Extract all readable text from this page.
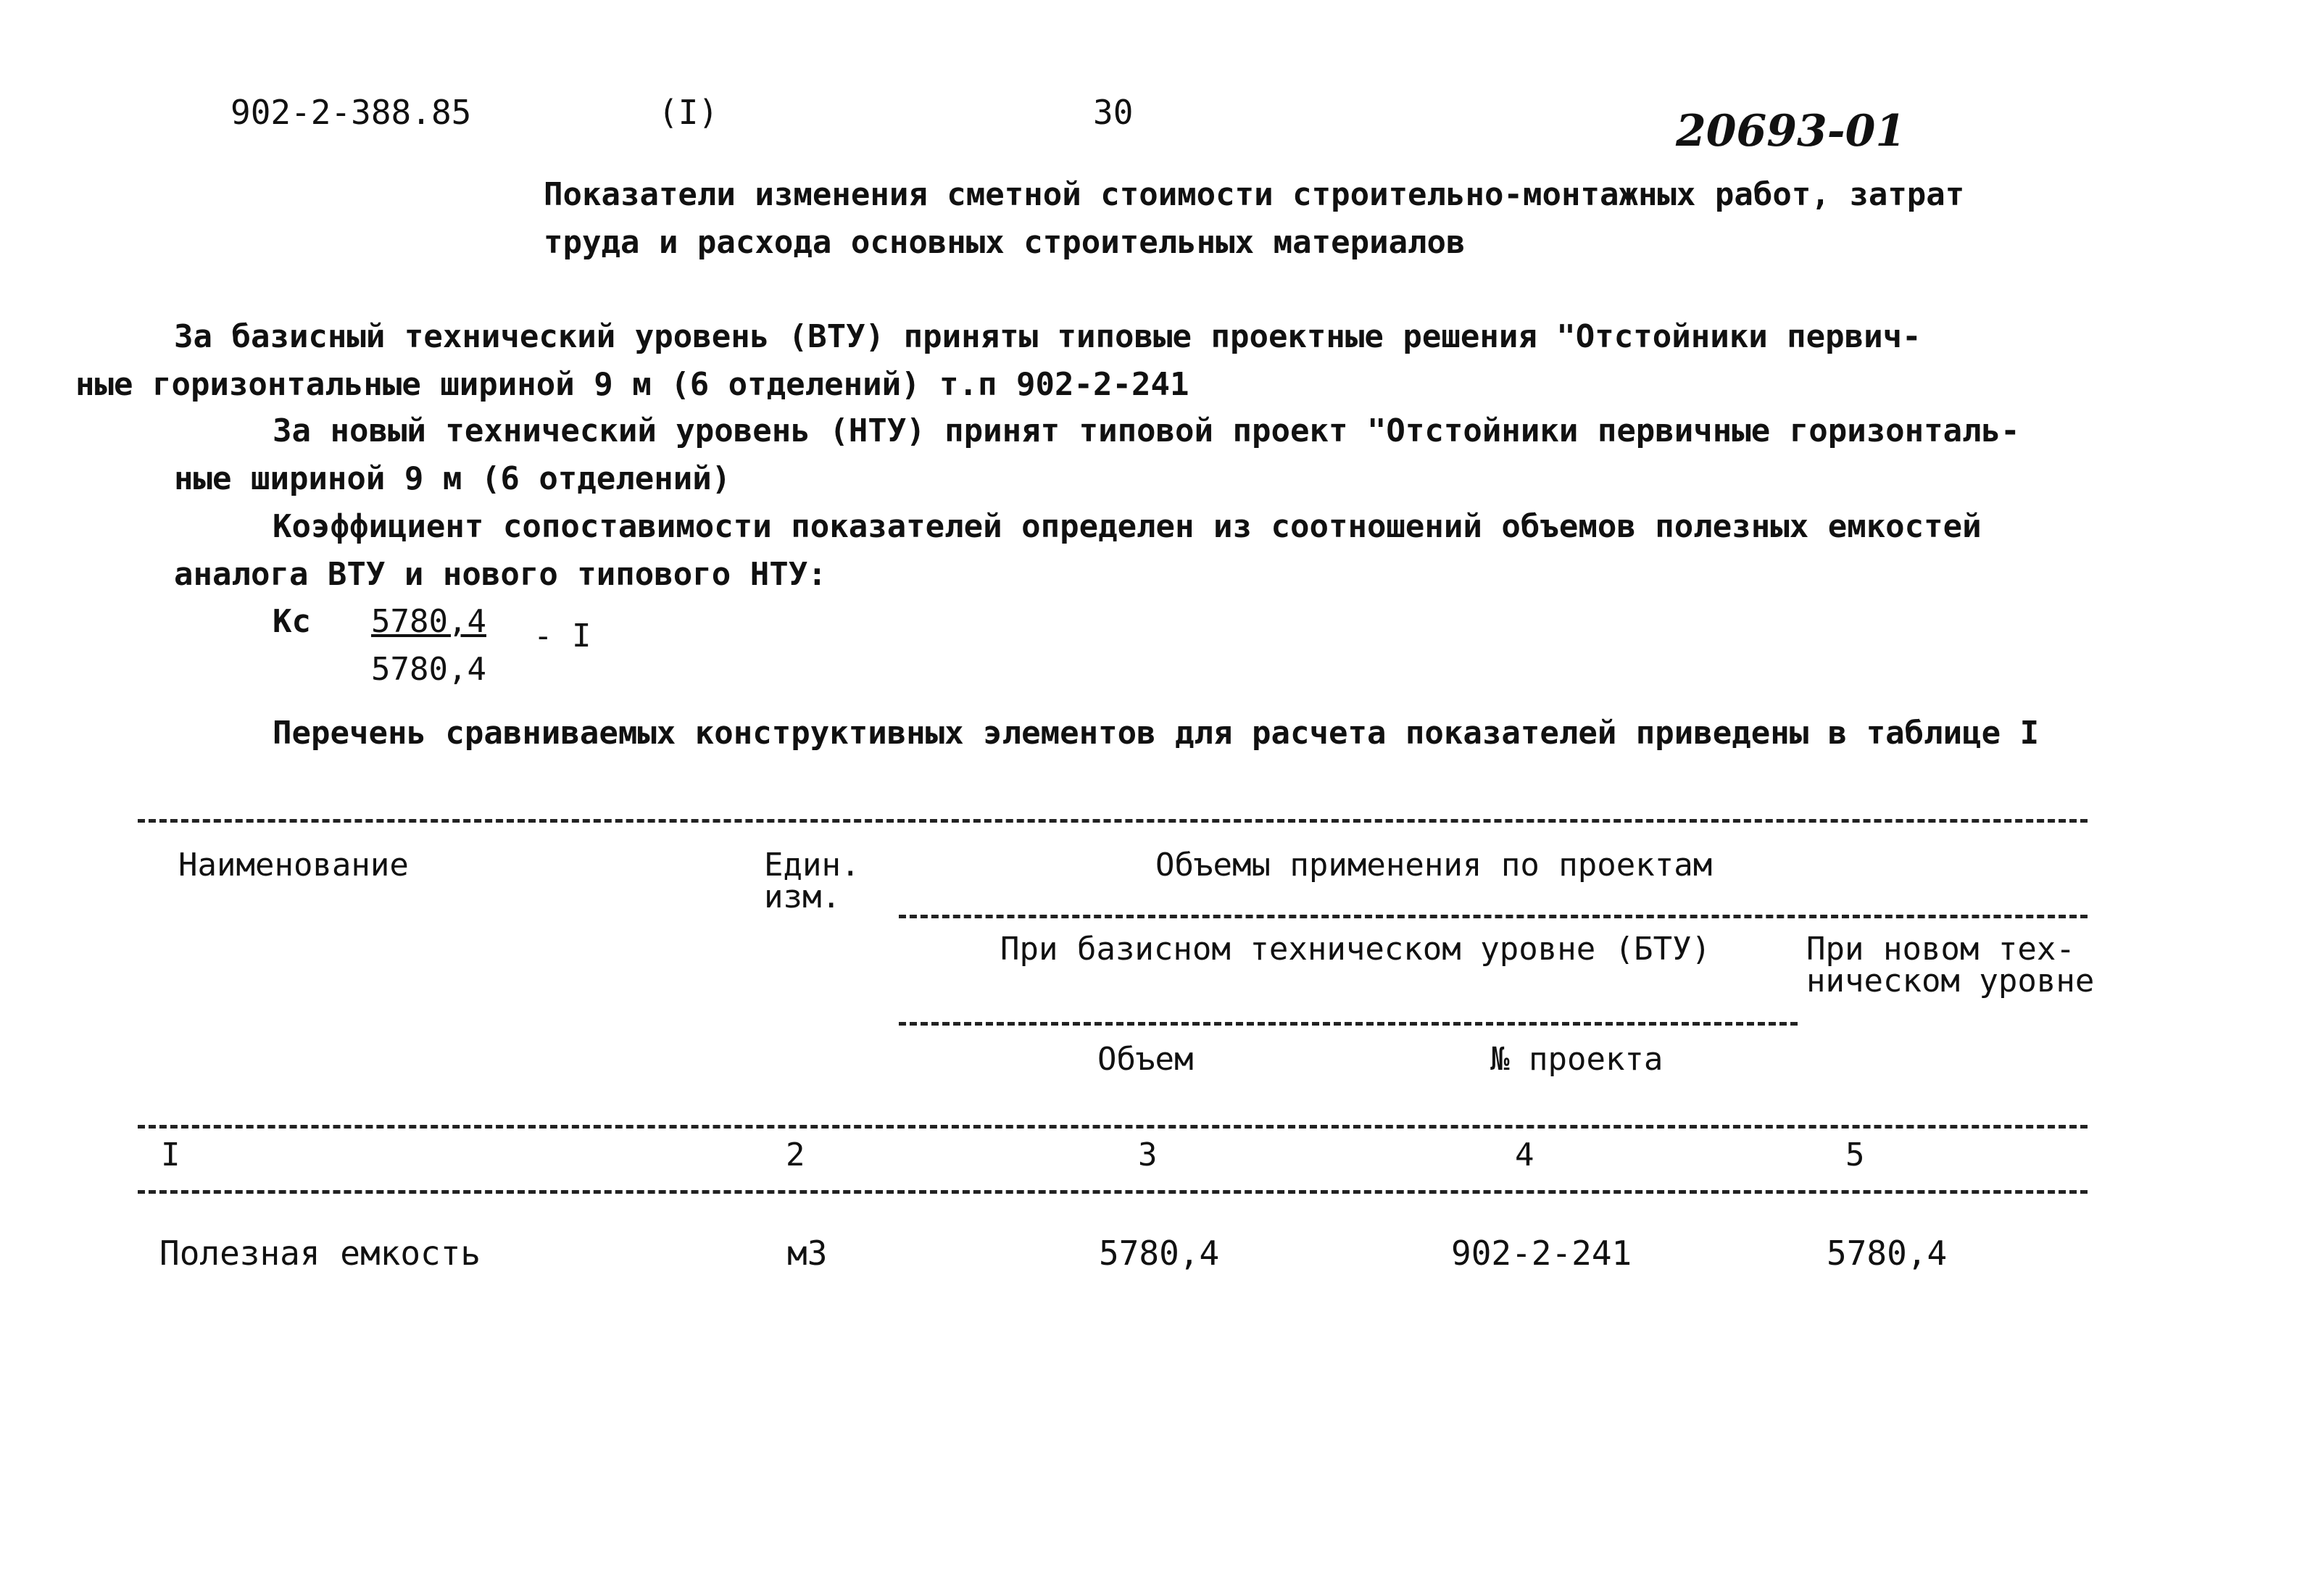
902-2-388.85	(I)	30	20693-01
Показатели изменения сметной стоимости строительно-монтажных работ, затрат
труда и расхода основных строительных материалов
За базисный технический уровень (ВТУ) приняты типовые проектные решения "Отстойники первич-
ные горизонтальные шириной 9 м (6 отделений) т.п 902-2-241
За новый технический уровень (НТУ) принят типовой проект "Отстойники первичные горизонталь-
ные шириной 9 м (6 отделений)
Коэффициент сопоставимости показателей определен из соотношений объемов полезных емкостей
аналога ВТУ и нового типового НТУ:
Кс 5780,4
5780,4
- I
Перечень сравниваемых конструктивных элементов для расчета показателей приведены в таблице I
Наименование	Един.
изм.
Объемы применения по проектам
При базисном техническом уровне (БТУ)	При новом тех-
ническом уровне
Объем	№ проекта
I	2	3	4	5
Полезная емкость	м3	5780,4	902-2-241	5780,4
